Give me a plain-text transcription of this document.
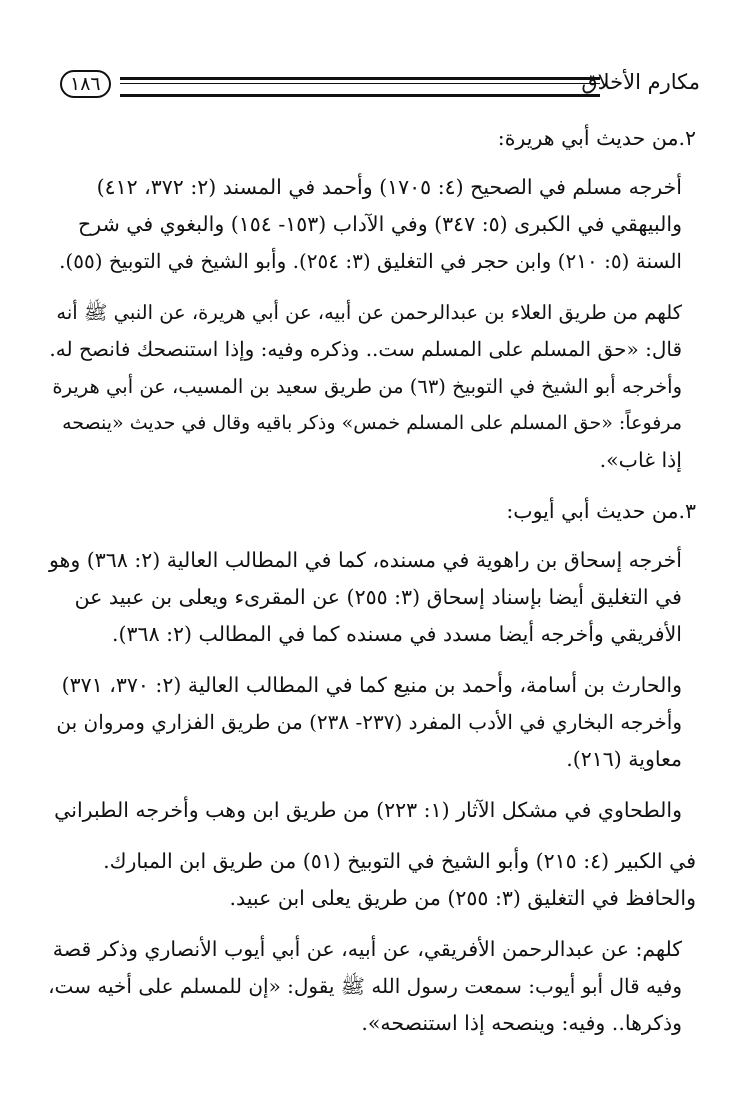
١٨٦	مكارم الأخلاق
٢.من حديث أبي هريرة:
أخرجه مسلم في الصحيح (٤: ١٧٠٥) وأحمد في المسند (٢: ٣٧٢، ٤١٢)
والبيهقي في الكبرى (٥: ٣٤٧) وفي الآداب (١٥٣- ١٥٤) والبغوي في شرح
السنة (٥: ٢١٠) وابن حجر في التغليق (٣: ٢٥٤). وأبو الشيخ في التوبيخ (٥٥).
كلهم من طريق العلاء بن عبدالرحمن عن أبيه، عن أبي هريرة، عن النبي ﷺ أنه
قال: «حق المسلم على المسلم ست.. وذكره وفيه: وإذا استنصحك فانصح له.
وأخرجه أبو الشيخ في التوبيخ (٦٣) من طريق سعيد بن المسيب، عن أبي هريرة
مرفوعاً: «حق المسلم على المسلم خمس» وذكر باقيه وقال في حديث «ينصحه
إذا غاب».
٣.من حديث أبي أيوب:
أخرجه إسحاق بن راهوية في مسنده، كما في المطالب العالية (٢: ٣٦٨) وهو
في التغليق أيضا بإسناد إسحاق (٣: ٢٥٥) عن المقرىء ويعلى بن عبيد عن
الأفريقي وأخرجه أيضا مسدد في مسنده كما في المطالب (٢: ٣٦٨).
والحارث بن أسامة، وأحمد بن منيع كما في المطالب العالية (٢: ٣٧٠، ٣٧١)
وأخرجه البخاري في الأدب المفرد (٢٣٧- ٢٣٨) من طريق الفزاري ومروان بن
معاوية (٢١٦).
والطحاوي في مشكل الآثار (١: ٢٢٣) من طريق ابن وهب وأخرجه الطبراني
في الكبير (٤: ٢١٥) وأبو الشيخ في التوبيخ (٥١) من طريق ابن المبارك.
والحافظ في التغليق (٣: ٢٥٥) من طريق يعلى ابن عبيد.
كلهم: عن عبدالرحمن الأفريقي، عن أبيه، عن أبي أيوب الأنصاري وذكر قصة
وفيه قال أبو أيوب: سمعت رسول الله ﷺ يقول: «إن للمسلم على أخيه ست،
وذكرها.. وفيه: وينصحه إذا استنصحه».
